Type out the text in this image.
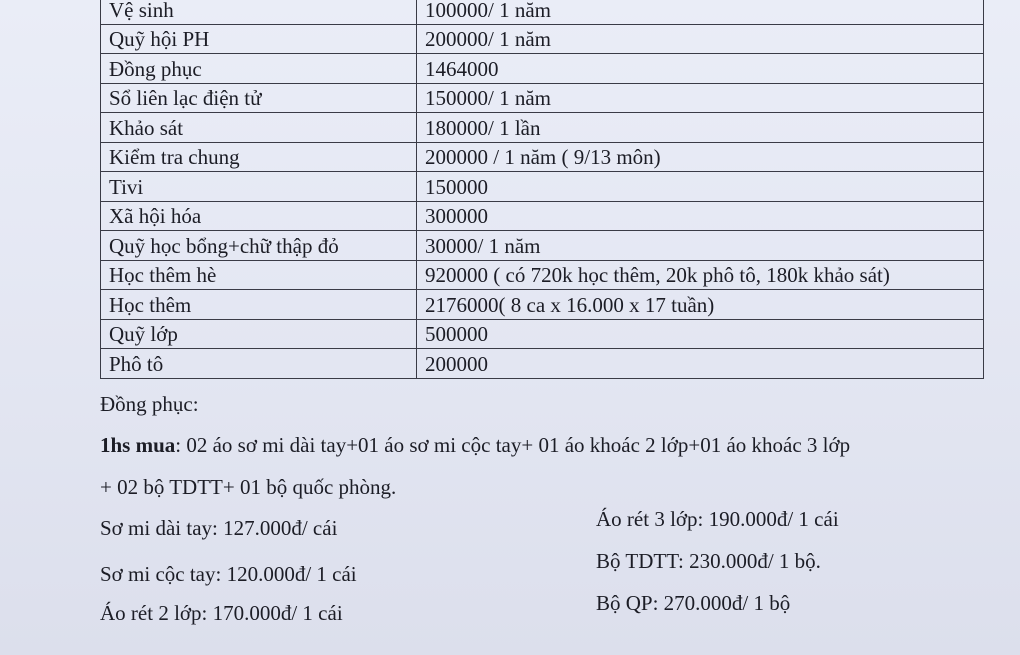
Vệ sinh	100000/ 1 năm
Quỹ hội PH	200000/ 1 năm
Đồng phục	1464000
Sổ liên lạc điện tử	150000/ 1 năm
Khảo sát	180000/ 1 lần
Kiểm tra chung	200000 / 1 năm ( 9/13 môn)
Tivi	150000
Xã hội hóa	300000
Quỹ học bổng+chữ thập đỏ	30000/ 1 năm
Học thêm hè	920000 ( có 720k học thêm, 20k phô tô, 180k khảo sát)
Học thêm	2176000( 8 ca x 16.000 x 17 tuần)
Quỹ lớp	500000
Phô tô	200000
Đồng phục:
1hs mua: 02 áo sơ mi dài tay+01 áo sơ mi cộc tay+ 01 áo khoác 2 lớp+01 áo khoác 3 lớp
+ 02 bộ TDTT+ 01 bộ quốc phòng.
Sơ mi dài tay: 127.000đ/ cái
Sơ mi cộc tay: 120.000đ/ 1 cái
Áo rét 2 lớp: 170.000đ/ 1 cái
Áo rét 3 lớp: 190.000đ/ 1 cái
Bộ TDTT: 230.000đ/ 1 bộ.
Bộ QP: 270.000đ/ 1 bộ
